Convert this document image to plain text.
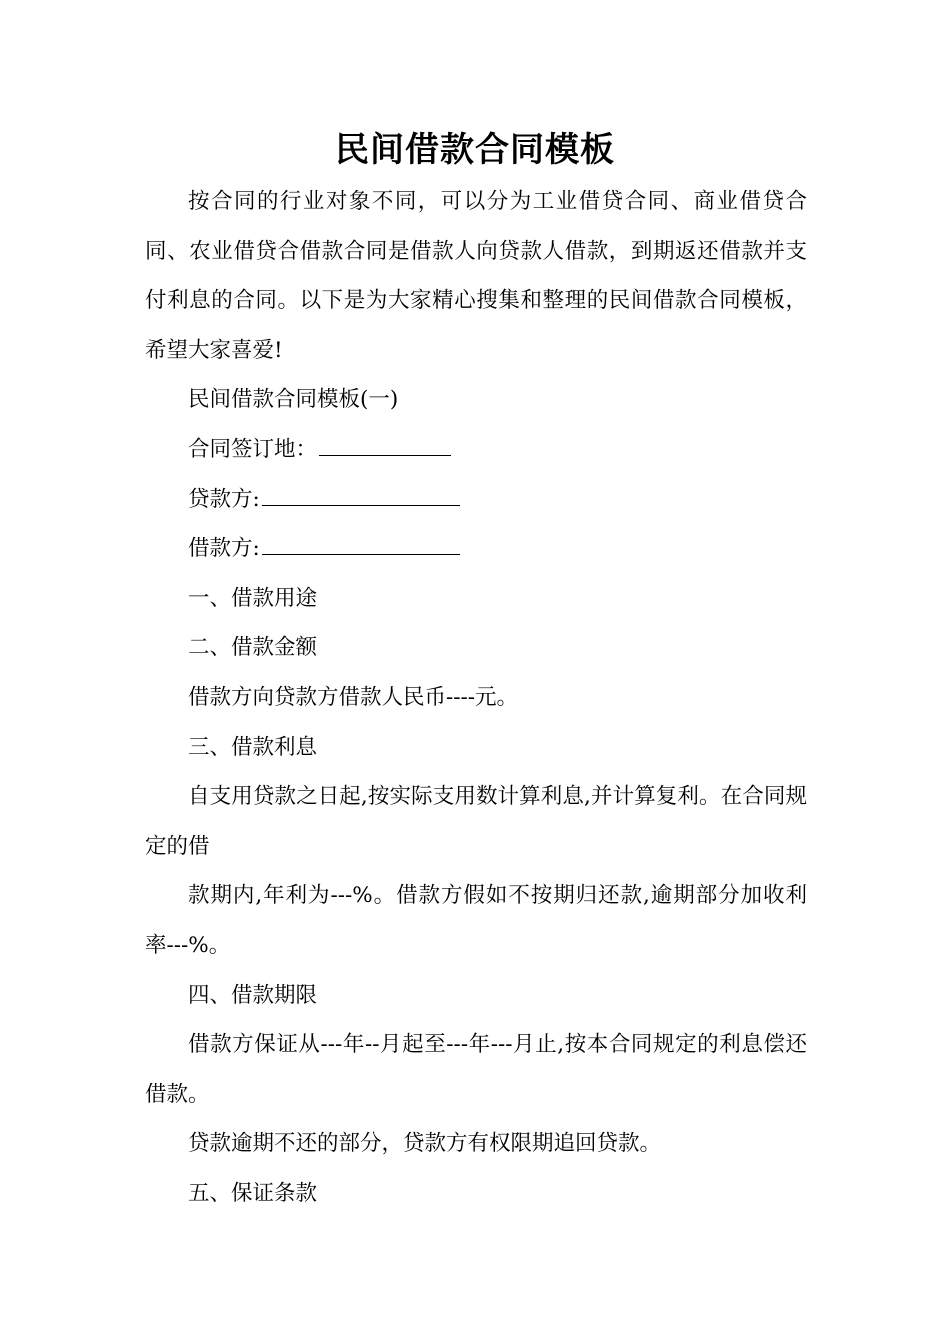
民间借款合同模板

按合同的行业对象不同，可以分为工业借贷合同、商业借贷合同、农业借贷合借款合同是借款人向贷款人借款，到期返还借款并支付利息的合同。以下是为大家精心搜集和整理的民间借款合同模板，希望大家喜爱!

民间借款合同模板(一)

合同签订地：

贷款方:

借款方:

一、借款用途

二、借款金额

借款方向贷款方借款人民币----元。

三、借款利息

自支用贷款之日起,按实际支用数计算利息,并计算复利。在合同规定的借

款期内,年利为---%。借款方假如不按期归还款,逾期部分加收利率---%。

四、借款期限

借款方保证从---年--月起至---年---月止,按本合同规定的利息偿还借款。

贷款逾期不还的部分，贷款方有权限期追回贷款。

五、保证条款
